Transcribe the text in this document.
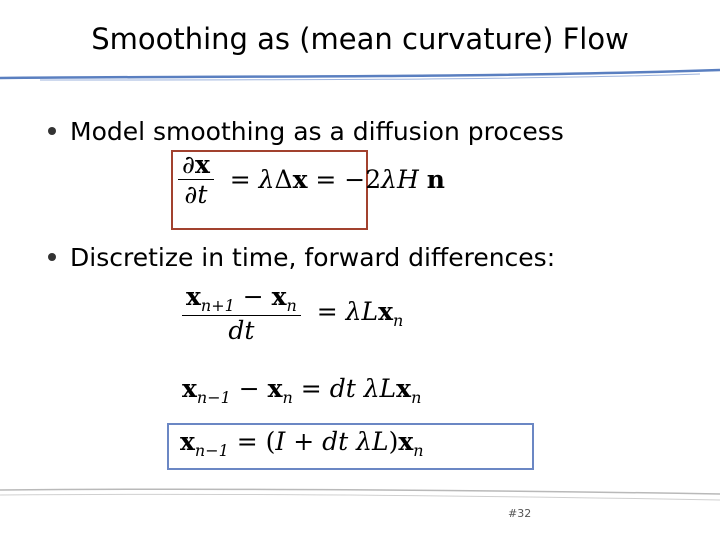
Smoothing as (mean curvature) Flow
Model smoothing as a diffusion process
$\frac{\partial x}{\partial t} = \lambda\Delta x = -2\lambda H$ n
Discretize in time, forward differences:
$\frac{x_{n+1} - x_n}{dt} = \lambda Lx_n$
$x_{n-1} - x_n$ = dt λLx$_n$
$x_{n-1} = (I$ + dt $\lambda L)x_n$
#32
